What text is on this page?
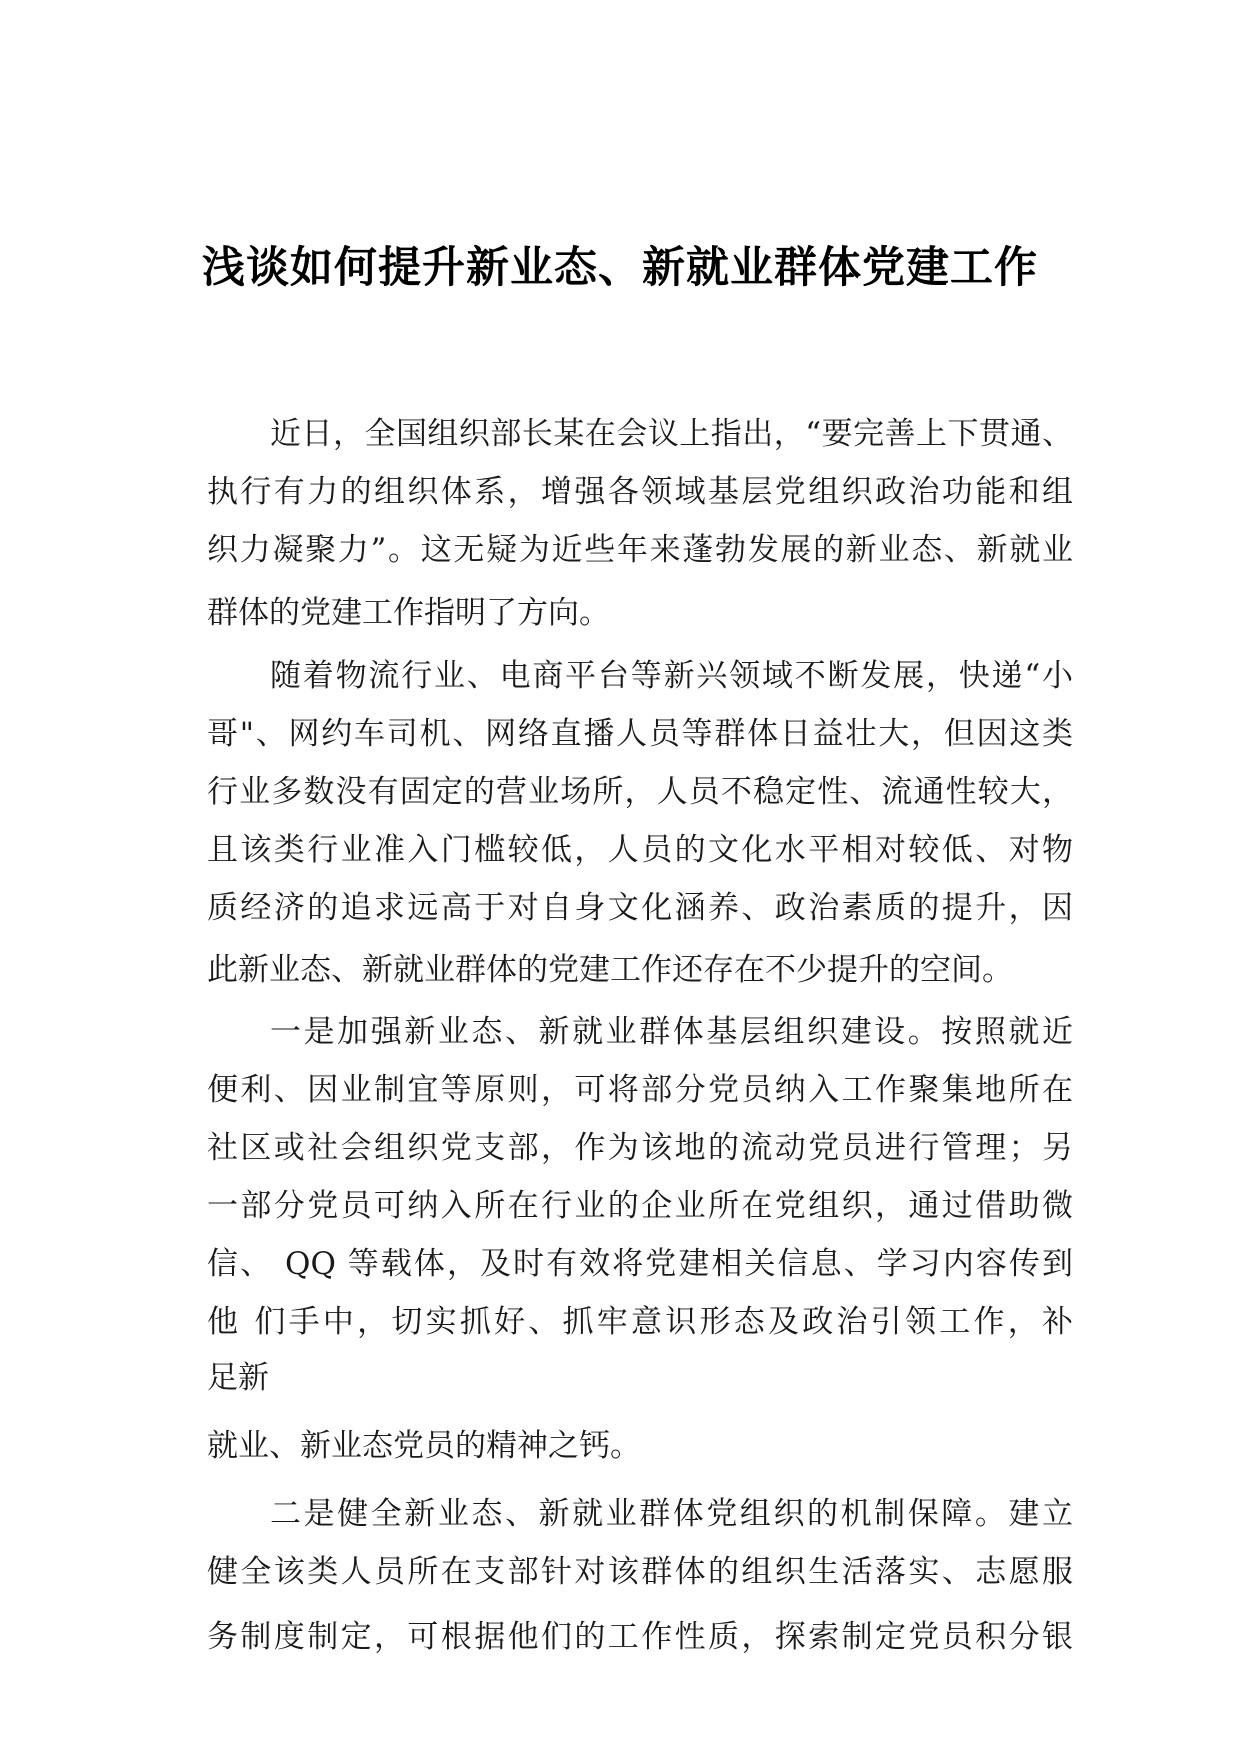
浅谈如何提升新业态、新就业群体党建工作
近日，全国组织部长某在会议上指出，“要完善上下贯通、
执行有力的组织体系，增强各领域基层党组织政治功能和组
织力凝聚力”。这无疑为近些年来蓬勃发展的新业态、新就业
群体的党建工作指明了方向。
随着物流行业、电商平台等新兴领域不断发展，快递“小
哥"、网约车司机、网络直播人员等群体日益壮大，但因这类
行业多数没有固定的营业场所，人员不稳定性、流通性较大，
且该类行业准入门槛较低，人员的文化水平相对较低、对物
质经济的追求远高于对自身文化涵养、政治素质的提升，因
此新业态、新就业群体的党建工作还存在不少提升的空间。
一是加强新业态、新就业群体基层组织建设。按照就近
便利、因业制宜等原则，可将部分党员纳入工作聚集地所在
社区或社会组织党支部，作为该地的流动党员进行管理；另
一部分党员可纳入所在行业的企业所在党组织，通过借助微
信、 QQ 等载体，及时有效将党建相关信息、学习内容传到
他 们手中，切实抓好、抓牢意识形态及政治引领工作，补
足新
就业、新业态党员的精神之钙。
二是健全新业态、新就业群体党组织的机制保障。建立
健全该类人员所在支部针对该群体的组织生活落实、志愿服
务制度制定，可根据他们的工作性质，探索制定党员积分银
